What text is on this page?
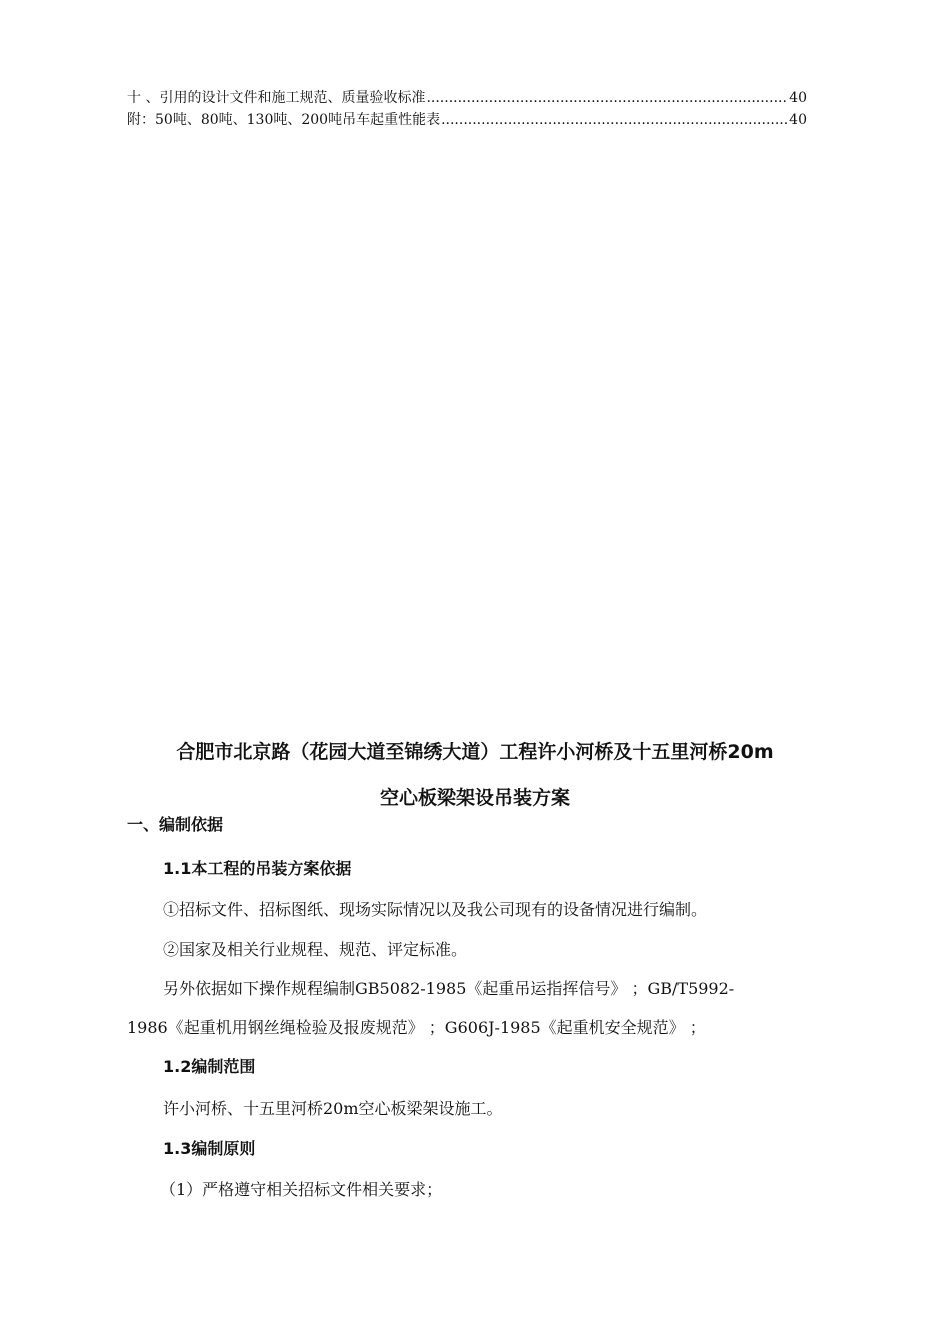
十 、引用的设计文件和施工规范、质量验收标准 .....	40
附：50吨、80吨、130吨、200吨吊车起重性能表 .....	40
合肥市北京路（花园大道至锦绣大道）工程许小河桥及十五里河桥20m
空心板梁架设吊装方案
一、编制依据
1.1本工程的吊装方案依据
①招标文件、招标图纸、现场实际情况以及我公司现有的设备情况进行编制。
②国家及相关行业规程、规范、评定标准。
另外依据如下操作规程编制GB5082-1985《起重吊运指挥信号》 ；GB/T5992-
1986《起重机用钢丝绳检验及报废规范》 ；G606J-1985《起重机安全规范》 ；
1.2编制范围
许小河桥、十五里河桥20m空心板梁架设施工。
1.3编制原则
（1）严格遵守相关招标文件相关要求；
